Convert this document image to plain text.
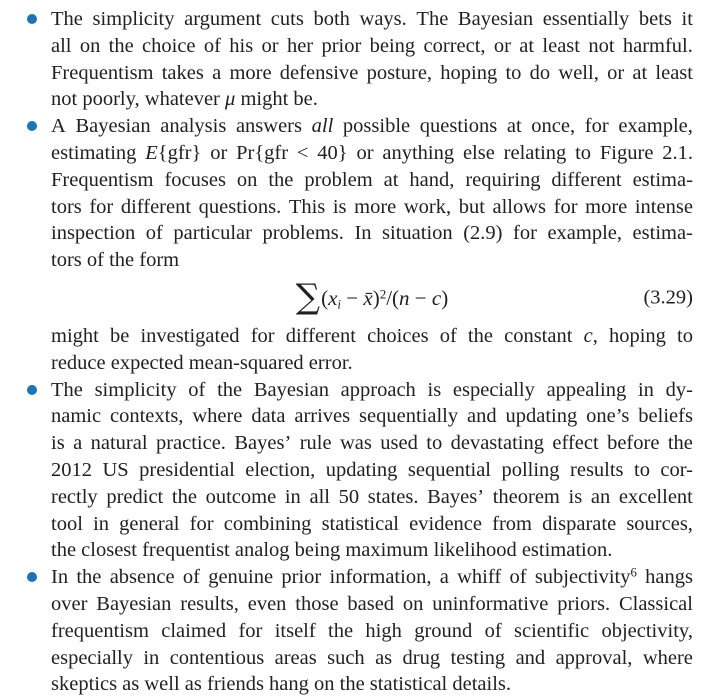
The simplicity argument cuts both ways. The Bayesian essentially bets it
all on the choice of his or her prior being correct, or at least not harmful.
Frequentism takes a more defensive posture, hoping to do well, or at least
not poorly, whatever μ might be.
A Bayesian analysis answers all possible questions at once, for example,
estimating E{gfr} or Pr{gfr < 40} or anything else relating to Figure 2.1.
Frequentism focuses on the problem at hand, requiring different estima-
tors for different questions. This is more work, but allows for more intense
inspection of particular problems. In situation (2.9) for example, estima-
tors of the form
$\sum(x_i$ − x̄)$^2$/(n − c)	(3.29)
might be investigated for different choices of the constant c, hoping to
reduce expected mean-squared error.
The simplicity of the Bayesian approach is especially appealing in dy-
namic contexts, where data arrives sequentially and updating one’s beliefs
is a natural practice. Bayes’ rule was used to devastating effect before the
2012 US presidential election, updating sequential polling results to cor-
rectly predict the outcome in all 50 states. Bayes’ theorem is an excellent
tool in general for combining statistical evidence from disparate sources,
the closest frequentist analog being maximum likelihood estimation.
In the absence of genuine prior information, a whiff of subjectivity$^6$ hangs
over Bayesian results, even those based on uninformative priors. Classical
frequentism claimed for itself the high ground of scientific objectivity,
especially in contentious areas such as drug testing and approval, where
skeptics as well as friends hang on the statistical details.
